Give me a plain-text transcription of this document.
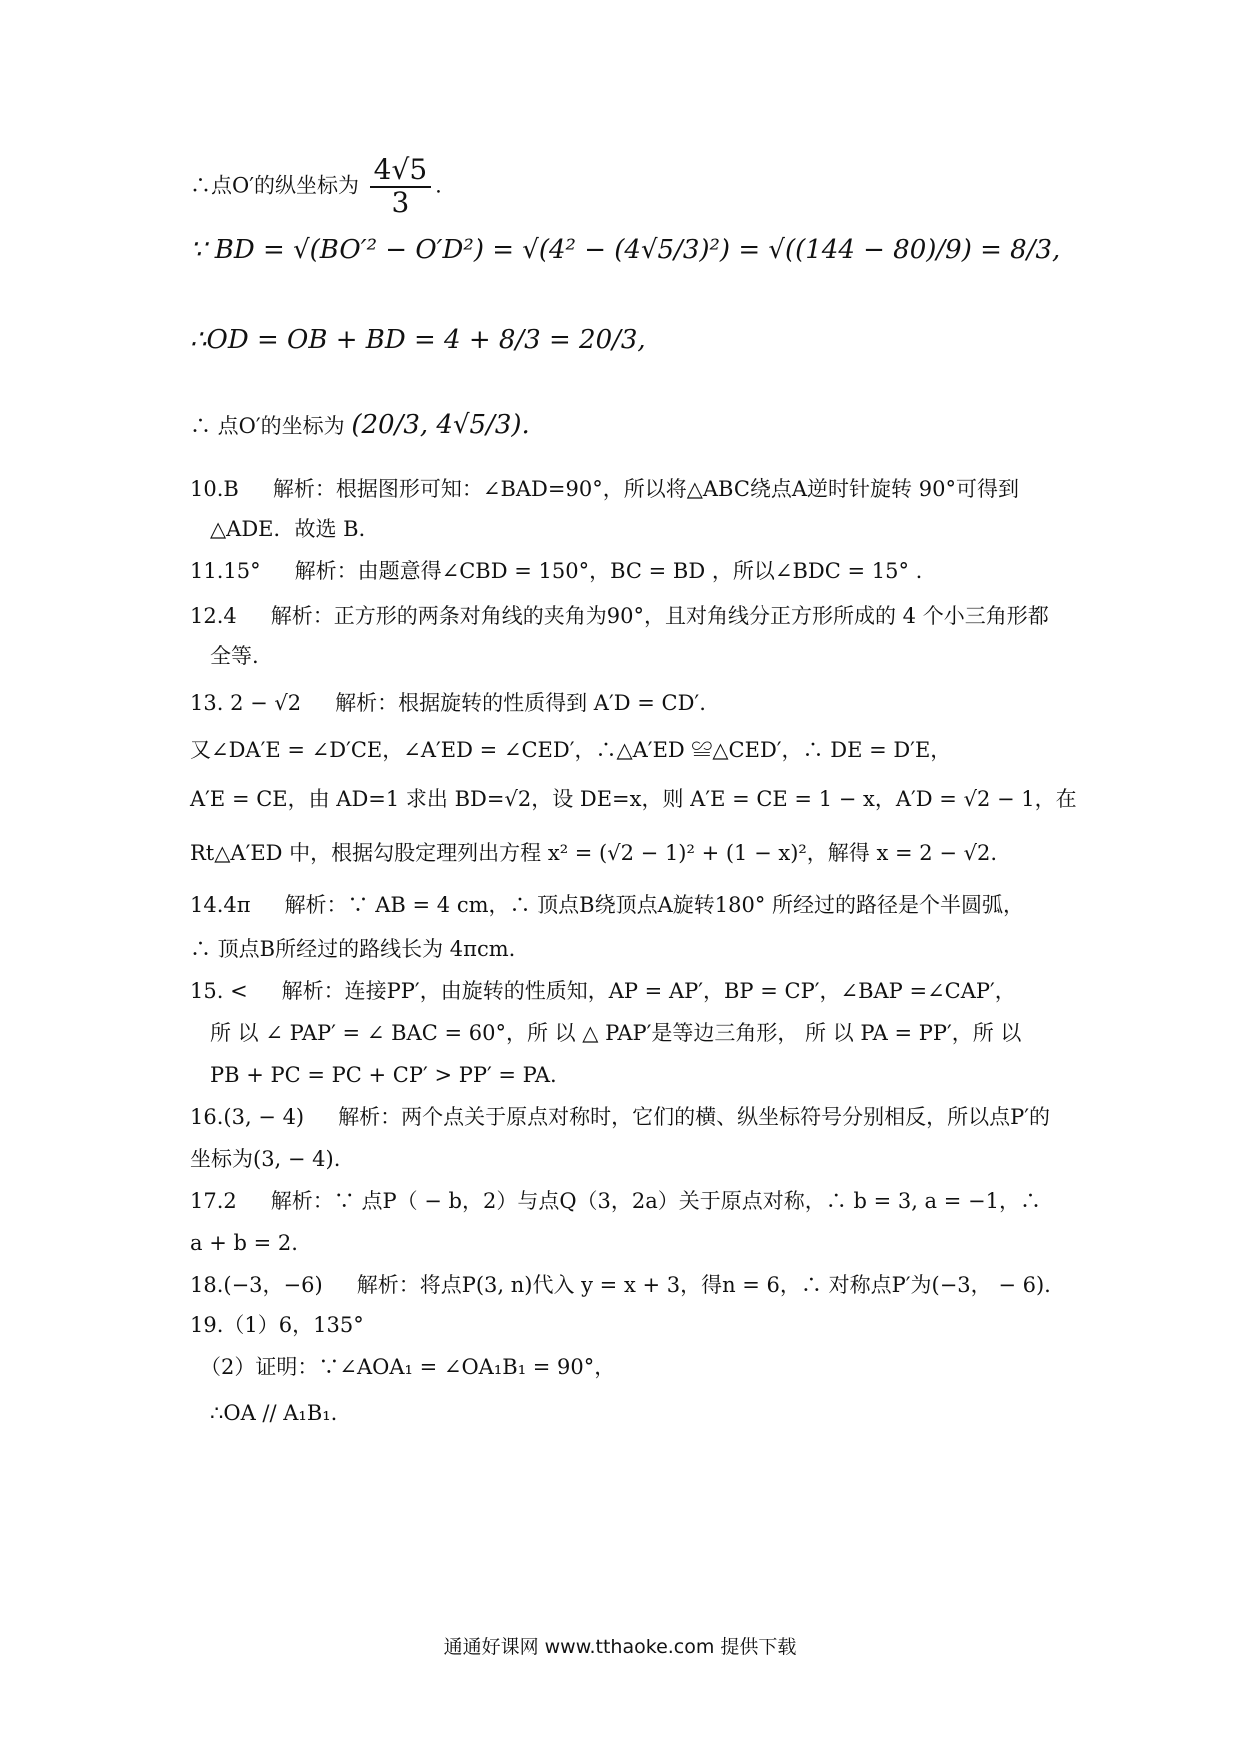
∴点O′的纵坐标为 $\frac{4√5}{3}$ .
∵ BD = √(BO′² − O′D²) = √(4² − (4√5/3)²) = √((144 − 80)/9) = 8/3,
∴OD = OB + BD = 4 + 8/3 = 20/3,
∴ 点O′的坐标为 (20/3, 4√5/3).
10.B 解析：根据图形可知：∠BAD=90°，所以将△ABC绕点A逆时针旋转 90°可得到
△ADE．故选 B．
11.15° 解析：由题意得∠CBD = 150°，BC = BD ，所以∠BDC = 15° .
12.4 解析：正方形的两条对角线的夹角为90°，且对角线分正方形所成的 4 个小三角形都
全等.
13. 2 − √2 解析：根据旋转的性质得到 A′D = CD′.
又∠DA′E = ∠D′CE，∠A′ED = ∠CED′，∴△A′ED ≌△CED′，∴ DE = D′E，
A′E = CE，由 AD=1 求出 BD=√2，设 DE=x，则 A′E = CE = 1 − x，A′D = √2 − 1，在
Rt△A′ED 中，根据勾股定理列出方程 x² = (√2 − 1)² + (1 − x)²，解得 x = 2 − √2.
14.4π 解析：∵ AB = 4 cm，∴ 顶点B绕顶点A旋转180° 所经过的路径是个半圆弧，
∴ 顶点B所经过的路线长为 4πcm.
15. < 解析：连接PP′，由旋转的性质知，AP = AP′，BP = CP′，∠BAP =∠CAP′，
所 以 ∠ PAP′ = ∠ BAC = 60°，所 以 △ PAP′是等边三角形， 所 以 PA = PP′，所 以
PB + PC = PC + CP′ > PP′ = PA.
16.(3, − 4) 解析：两个点关于原点对称时，它们的横、纵坐标符号分别相反，所以点P′的
坐标为(3, − 4).
17.2 解析：∵ 点P（ − b，2）与点Q（3，2a）关于原点对称，∴ b = 3, a = −1，∴
a + b = 2.
18.(−3，−6) 解析：将点P(3, n)代入 y = x + 3，得n = 6，∴ 对称点P′为(−3， − 6).
19.（1）6，135°
（2）证明：∵∠AOA₁ = ∠OA₁B₁ = 90°，
∴OA // A₁B₁.
通通好课网 www.tthaoke.com 提供下载
